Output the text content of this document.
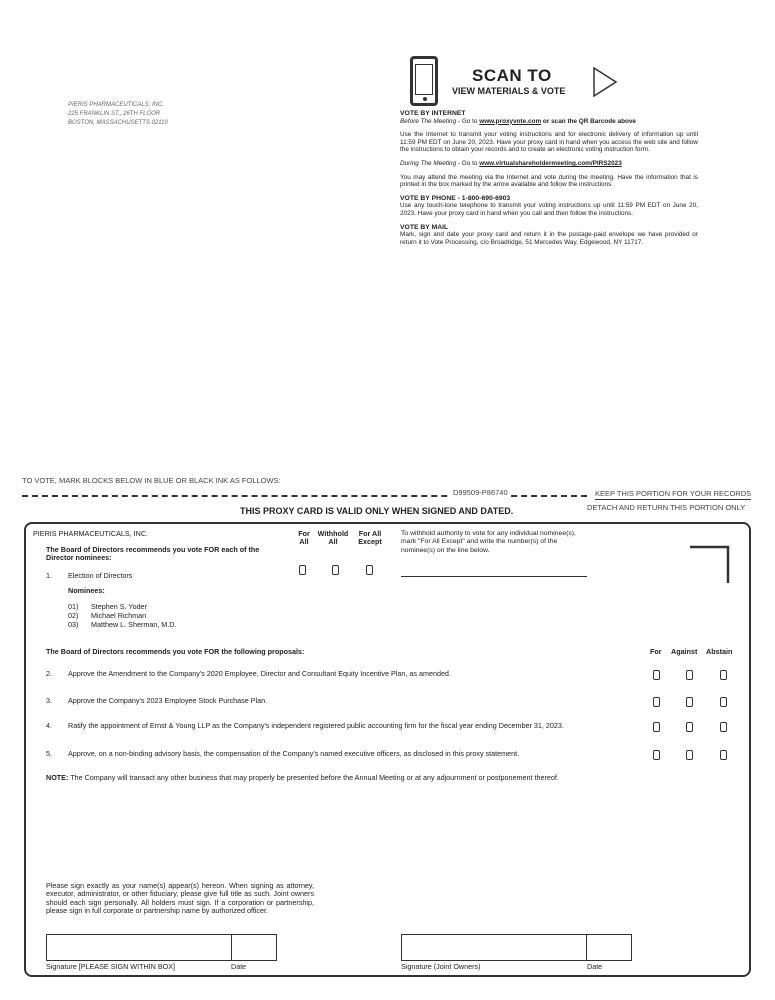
PIERIS PHARMACEUTICALS, INC.
225 FRANKLIN ST., 26TH FLOOR
BOSTON, MASSACHUSETTS 02110
SCAN TO
VIEW MATERIALS & VOTE
VOTE BY INTERNET

Before The Meeting - Go to www.proxyvote.com or scan the QR Barcode above

Use the Internet to transmit your voting instructions and for electronic delivery of information up until 11:59 PM EDT on June 20, 2023. Have your proxy card in hand when you access the web site and follow the instructions to obtain your records and to create an electronic voting instruction form.

During The Meeting - Go to www.virtualshareholdermeeting.com/PIRS2023

You may attend the meeting via the Internet and vote during the meeting. Have the information that is printed in the box marked by the arrow available and follow the instructions.

VOTE BY PHONE - 1-800-690-6903

Use any touch-tone telephone to transmit your voting instructions up until 11:59 PM EDT on June 20, 2023. Have your proxy card in hand when you call and then follow the instructions.

VOTE BY MAIL

Mark, sign and date your proxy card and return it in the postage-paid envelope we have provided or return it to Vote Processing, c/o Broadridge, 51 Mercedes Way, Edgewood, NY 11717.

TO VOTE, MARK BLOCKS BELOW IN BLUE OR BLACK INK AS FOLLOWS:
D99509-P86740	KEEP THIS PORTION FOR YOUR RECORDS
DETACH AND RETURN THIS PORTION ONLY
THIS PROXY CARD IS VALID ONLY WHEN SIGNED AND DATED.
PIERIS PHARMACEUTICALS, INC.
The Board of Directors recommends you vote FOR each of the Director nominees:
For All
Withhold All
For All Except
To withhold authority to vote for any individual nominee(s), mark "For All Except" and write the number(s) of the nominee(s) on the line below.
1. Election of Directors
Nominees:
01) Stephen S. Yoder
02) Michael Richman
03) Matthew L. Sherman, M.D.
The Board of Directors recommends you vote FOR the following proposals:	For Against Abstain
2. Approve the Amendment to the Company's 2020 Employee, Director and Consultant Equity Incentive Plan, as amended.
3. Approve the Company's 2023 Employee Stock Purchase Plan.
4. Ratify the appointment of Ernst & Young LLP as the Company's independent registered public accounting firm for the fiscal year ending December 31, 2023.
5. Approve, on a non-binding advisory basis, the compensation of the Company's named executive officers, as disclosed in this proxy statement.
NOTE: The Company will transact any other business that may properly be presented before the Annual Meeting or at any adjournment or postponement thereof.
Please sign exactly as your name(s) appear(s) hereon. When signing as attorney, executor, administrator, or other fiduciary, please give full title as such. Joint owners should each sign personally. All holders must sign. If a corporation or partnership, please sign in full corporate or partnership name by authorized officer.
Signature [PLEASE SIGN WITHIN BOX]	Date	Signature (Joint Owners)	Date
